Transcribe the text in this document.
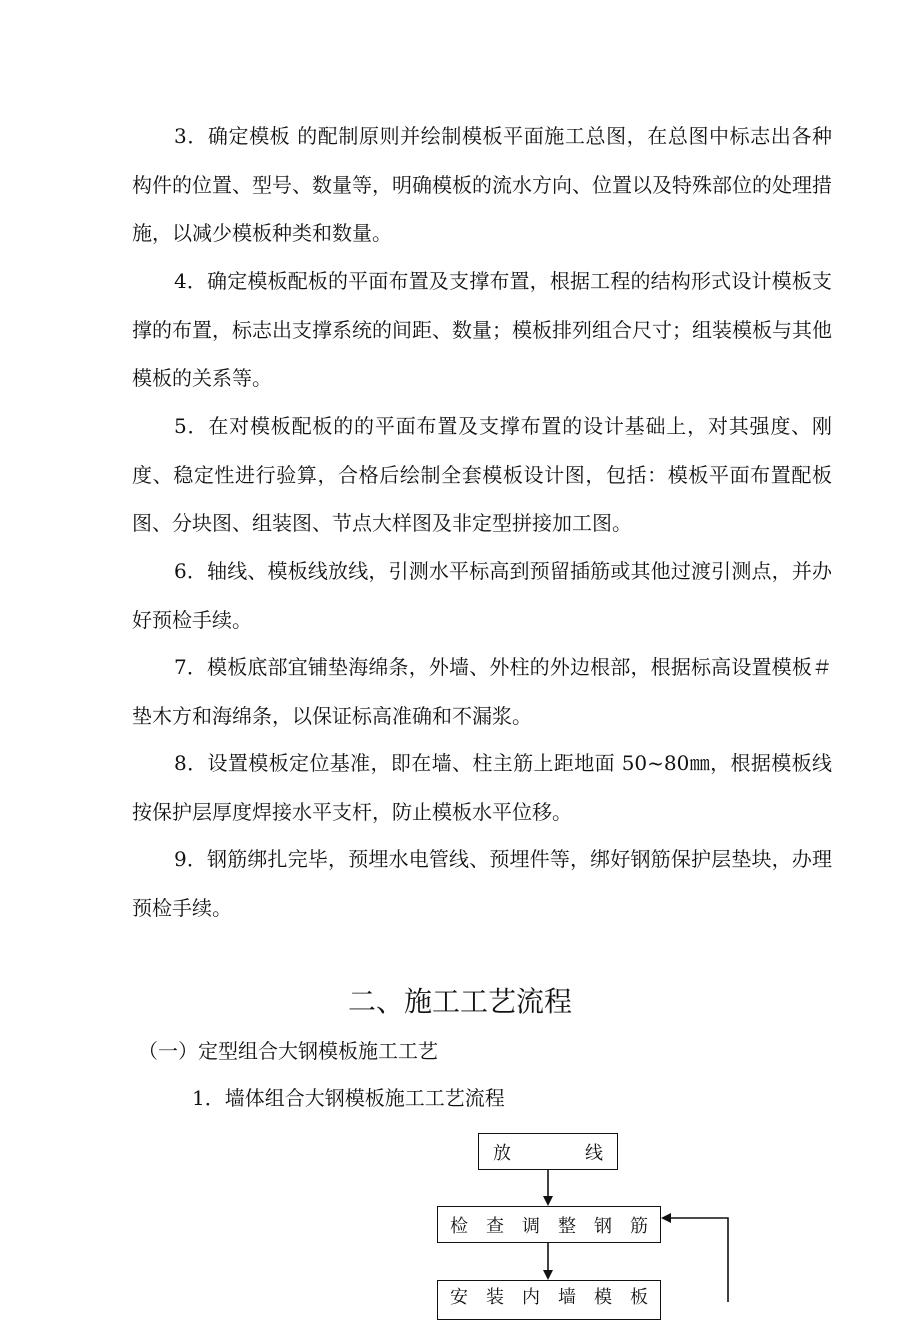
3．确定模板 的配制原则并绘制模板平面施工总图，在总图中标志出各种构件的位置、型号、数量等，明确模板的流水方向、位置以及特殊部位的处理措施，以减少模板种类和数量。

4．确定模板配板的平面布置及支撑布置，根据工程的结构形式设计模板支撑的布置，标志出支撑系统的间距、数量；模板排列组合尺寸；组装模板与其他模板的关系等。

5．在对模板配板的的平面布置及支撑布置的设计基础上，对其强度、刚度、稳定性进行验算，合格后绘制全套模板设计图，包括：模板平面布置配板图、分块图、组装图、节点大样图及非定型拼接加工图。

6．轴线、模板线放线，引测水平标高到预留插筋或其他过渡引测点，并办好预检手续。

7．模板底部宜铺垫海绵条，外墙、外柱的外边根部，根据标高设置模板＃垫木方和海绵条，以保证标高准确和不漏浆。

8．设置模板定位基准，即在墙、柱主筋上距地面 50~80㎜，根据模板线按保护层厚度焊接水平支杆，防止模板水平位移。

9．钢筋绑扎完毕，预埋水电管线、预埋件等，绑好钢筋保护层垫块，办理预检手续。

二、施工工艺流程
（一）定型组合大钢模板施工工艺
1．墙体组合大钢模板施工工艺流程
放 线
检 查 调 整 钢 筋
安 装 内 墙 模 板
